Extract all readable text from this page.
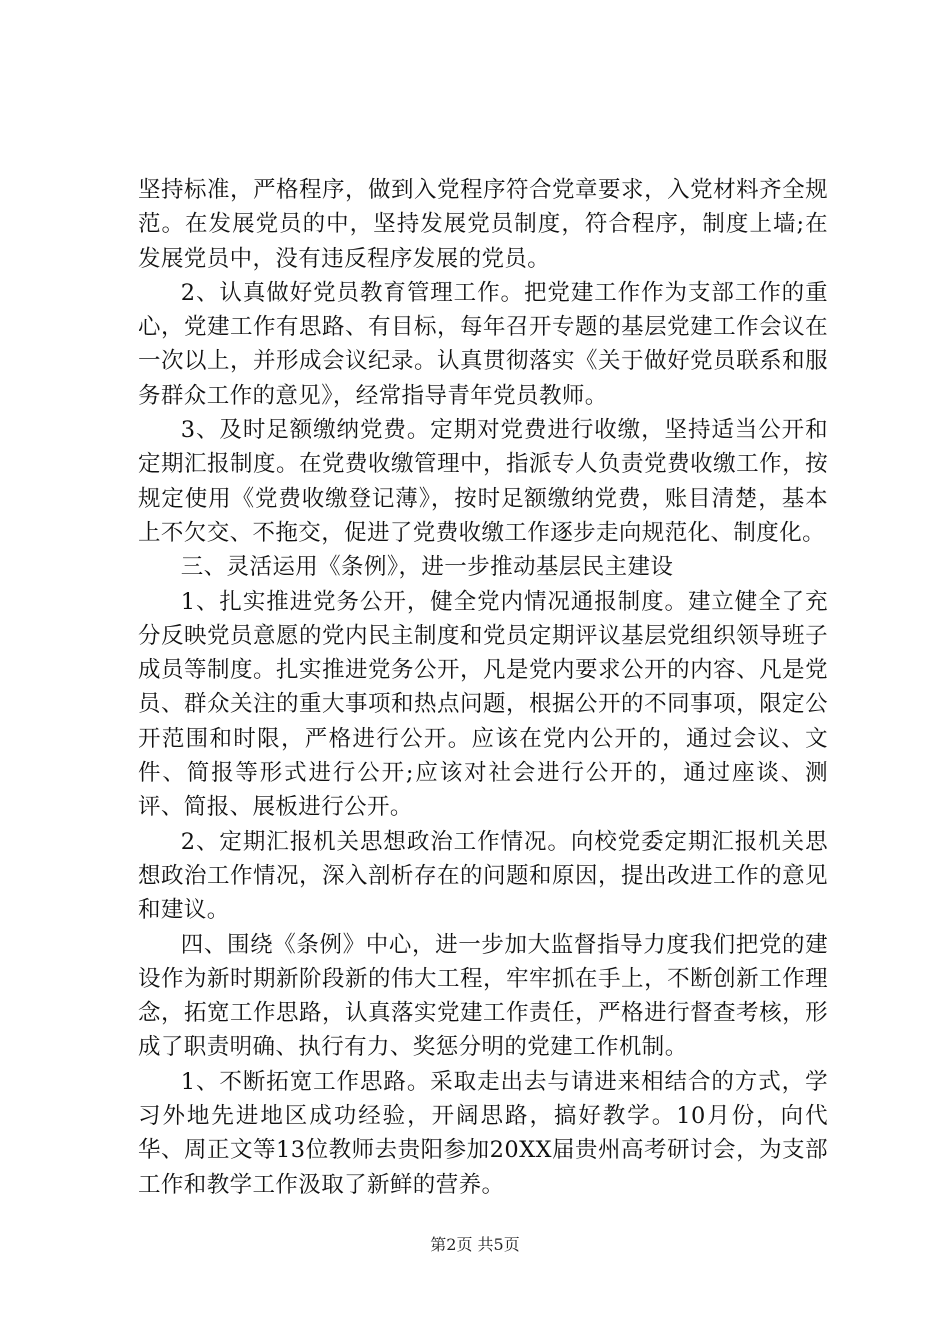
坚持标准，严格程序，做到入党程序符合党章要求，入党材料齐全规范。在发展党员的中，坚持发展党员制度，符合程序，制度上墙;在发展党员中，没有违反程序发展的党员。

2、认真做好党员教育管理工作。把党建工作作为支部工作的重心，党建工作有思路、有目标，每年召开专题的基层党建工作会议在一次以上，并形成会议纪录。认真贯彻落实《关于做好党员联系和服务群众工作的意见》，经常指导青年党员教师。

3、及时足额缴纳党费。定期对党费进行收缴，坚持适当公开和定期汇报制度。在党费收缴管理中，指派专人负责党费收缴工作，按规定使用《党费收缴登记薄》，按时足额缴纳党费，账目清楚，基本上不欠交、不拖交，促进了党费收缴工作逐步走向规范化、制度化。

三、灵活运用《条例》，进一步推动基层民主建设

1、扎实推进党务公开，健全党内情况通报制度。建立健全了充分反映党员意愿的党内民主制度和党员定期评议基层党组织领导班子成员等制度。扎实推进党务公开，凡是党内要求公开的内容、凡是党员、群众关注的重大事项和热点问题，根据公开的不同事项，限定公开范围和时限，严格进行公开。应该在党内公开的，通过会议、文件、简报等形式进行公开;应该对社会进行公开的，通过座谈、测评、简报、展板进行公开。

2、定期汇报机关思想政治工作情况。向校党委定期汇报机关思想政治工作情况，深入剖析存在的问题和原因，提出改进工作的意见和建议。

四、围绕《条例》中心，进一步加大监督指导力度我们把党的建设作为新时期新阶段新的伟大工程，牢牢抓在手上，不断创新工作理念，拓宽工作思路，认真落实党建工作责任，严格进行督查考核，形成了职责明确、执行有力、奖惩分明的党建工作机制。

1、不断拓宽工作思路。采取走出去与请进来相结合的方式，学习外地先进地区成功经验，开阔思路，搞好教学。10月份，向代华、周正文等13位教师去贵阳参加20XX届贵州高考研讨会，为支部工作和教学工作汲取了新鲜的营养。

第2页 共5页
